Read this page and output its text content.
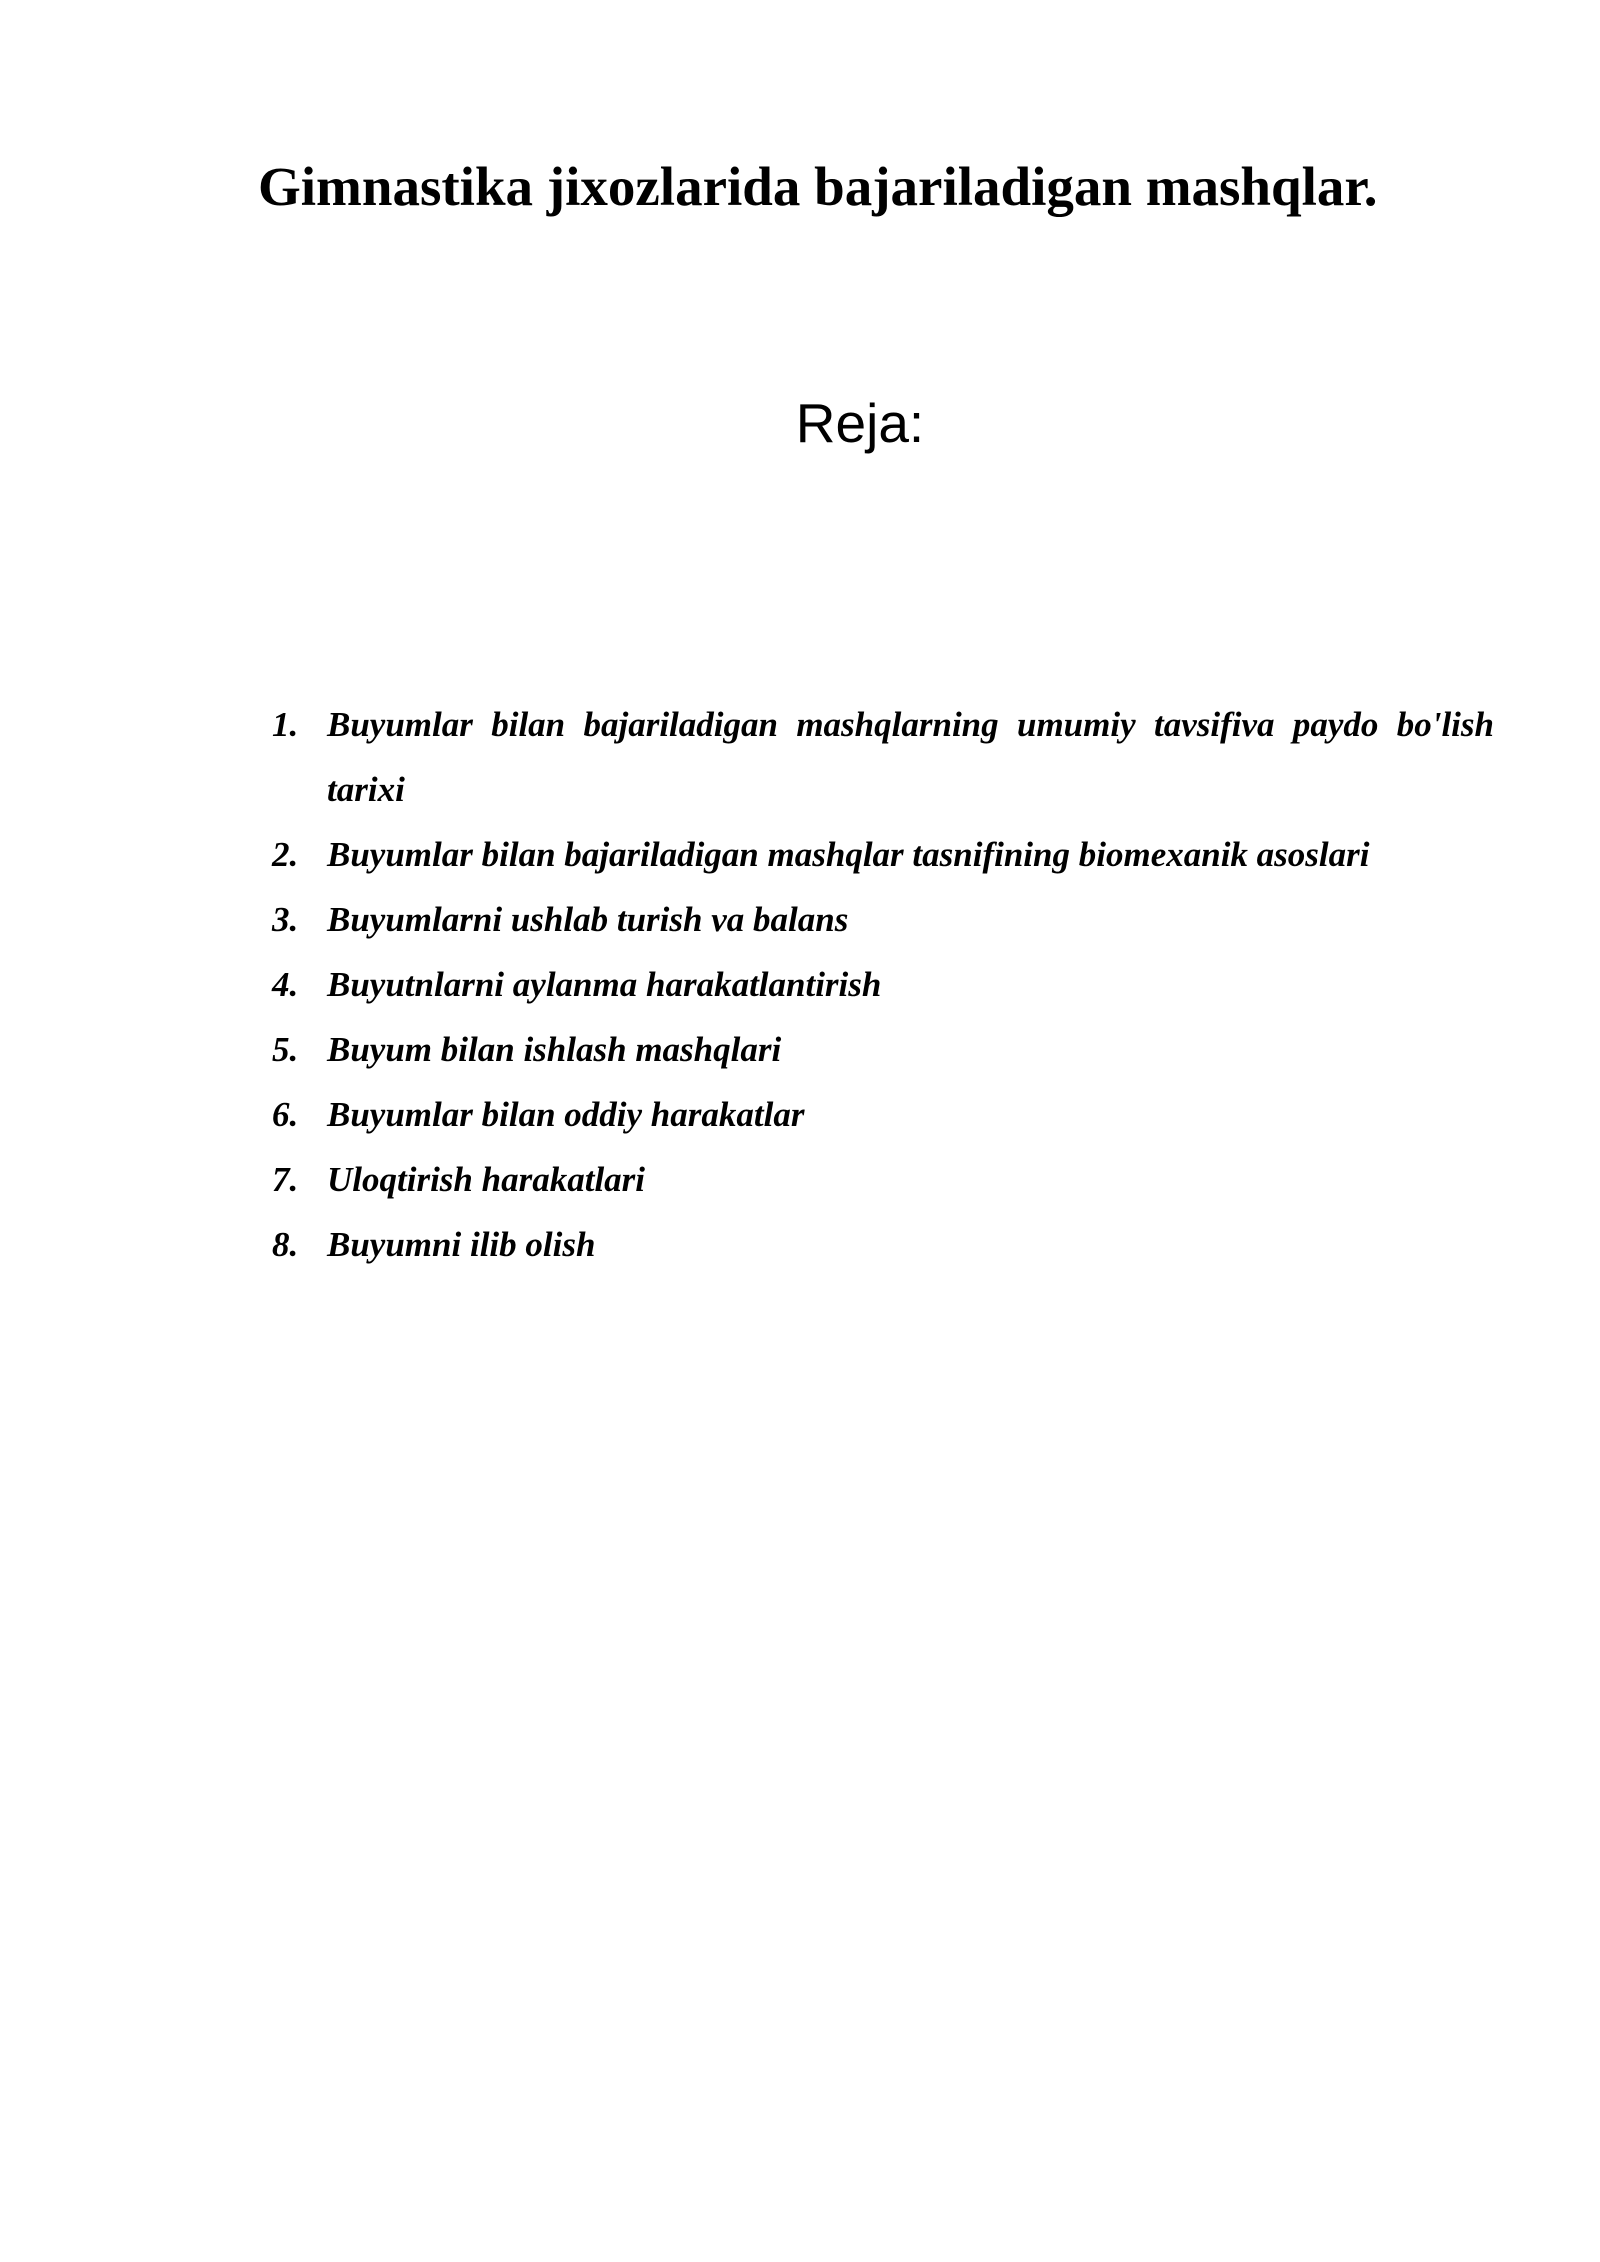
Gimnastika jixozlarida bajariladigan mashqlar.
Reja:
1. Buyumlar bilan bajariladigan mashqlarning umumiy tavsifiva paydo bo'lish tarixi
2. Buyumlar bilan bajariladigan mashqlar tasnifining biomexanik asoslari
3. Buyumlarni ushlab turish va balans
4. Buyutnlarni aylanma harakatlantirish
5. Buyum bilan ishlash mashqlari
6. Buyumlar bilan oddiy harakatlar
7. Uloqtirish harakatlari
8. Buyumni ilib olish
